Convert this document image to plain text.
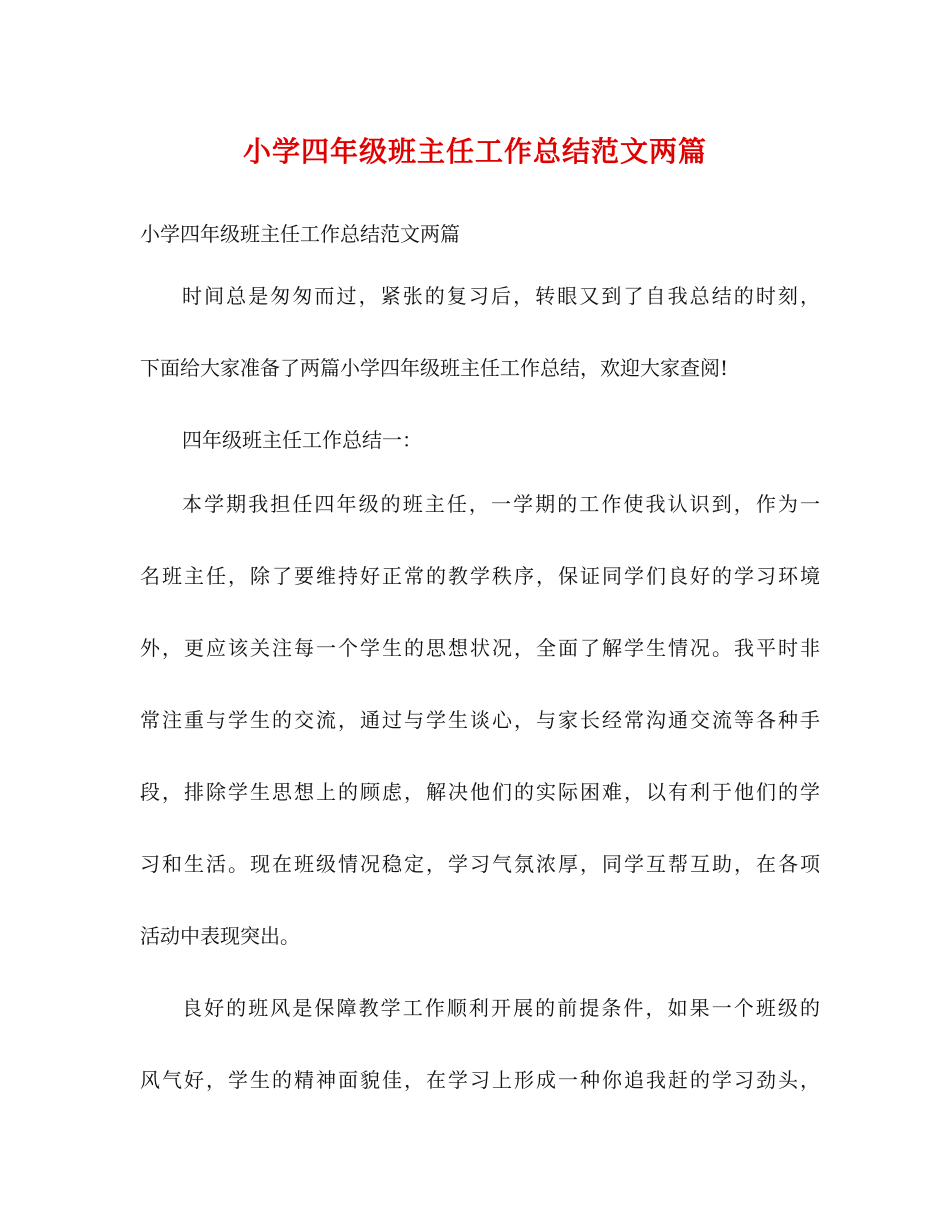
小学四年级班主任工作总结范文两篇
小学四年级班主任工作总结范文两篇
时间总是匆匆而过，紧张的复习后，转眼又到了自我总结的时刻，
下面给大家准备了两篇小学四年级班主任工作总结，欢迎大家查阅!
四年级班主任工作总结一：
本学期我担任四年级的班主任，一学期的工作使我认识到，作为一
名班主任，除了要维持好正常的教学秩序，保证同学们良好的学习环境
外，更应该关注每一个学生的思想状况，全面了解学生情况。我平时非
常注重与学生的交流，通过与学生谈心，与家长经常沟通交流等各种手
段，排除学生思想上的顾虑，解决他们的实际困难，以有利于他们的学
习和生活。现在班级情况稳定，学习气氛浓厚，同学互帮互助，在各项
活动中表现突出。
良好的班风是保障教学工作顺利开展的前提条件，如果一个班级的
风气好，学生的精神面貌佳，在学习上形成一种你追我赶的学习劲头，
